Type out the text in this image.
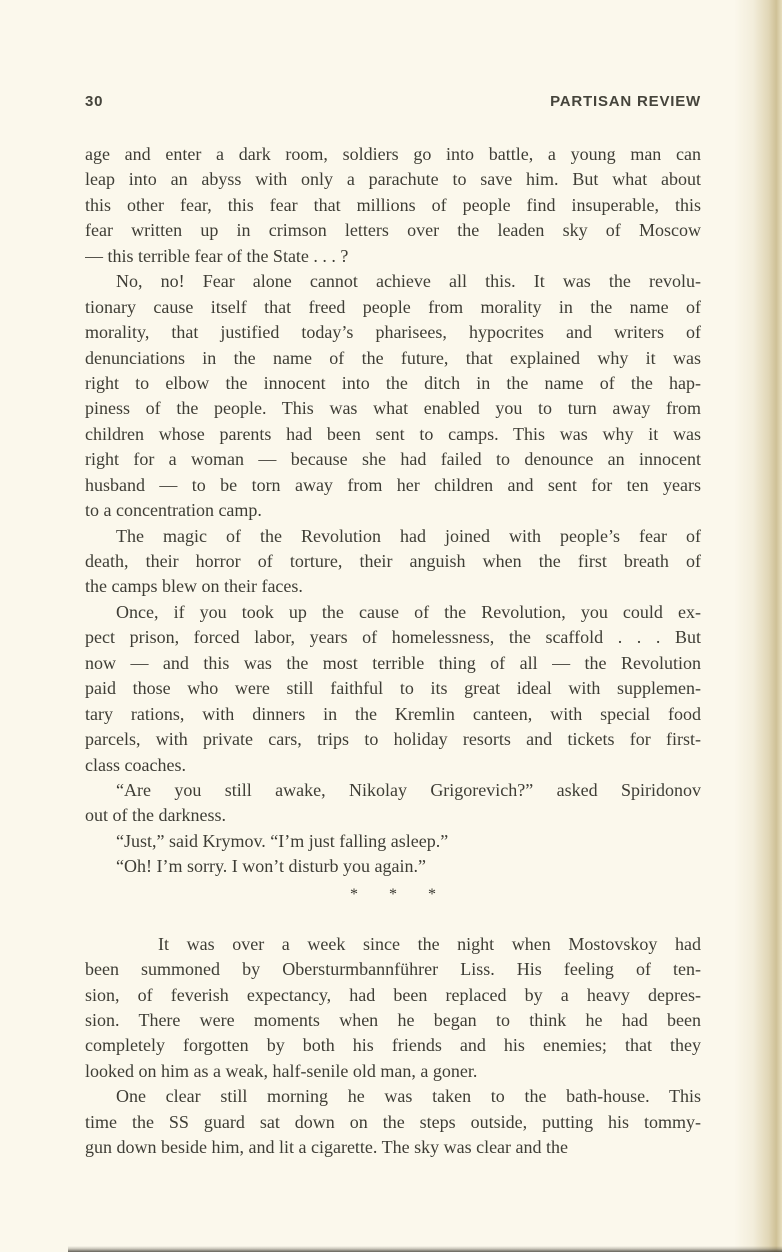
30	PARTISAN REVIEW
age and enter a dark room, soldiers go into battle, a young man can
leap into an abyss with only a parachute to save him. But what about
this other fear, this fear that millions of people find insuperable, this
fear written up in crimson letters over the leaden sky of Moscow
— this terrible fear of the State . . . ?
No, no! Fear alone cannot achieve all this. It was the revolu-
tionary cause itself that freed people from morality in the name of
morality, that justified today’s pharisees, hypocrites and writers of
denunciations in the name of the future, that explained why it was
right to elbow the innocent into the ditch in the name of the hap-
piness of the people. This was what enabled you to turn away from
children whose parents had been sent to camps. This was why it was
right for a woman — because she had failed to denounce an innocent
husband — to be torn away from her children and sent for ten years
to a concentration camp.
The magic of the Revolution had joined with people’s fear of
death, their horror of torture, their anguish when the first breath of
the camps blew on their faces.
Once, if you took up the cause of the Revolution, you could ex-
pect prison, forced labor, years of homelessness, the scaffold . . . But
now — and this was the most terrible thing of all — the Revolution
paid those who were still faithful to its great ideal with supplemen-
tary rations, with dinners in the Kremlin canteen, with special food
parcels, with private cars, trips to holiday resorts and tickets for first-
class coaches.
“Are you still awake, Nikolay Grigorevich?” asked Spiridonov
out of the darkness.
“Just,” said Krymov. “I’m just falling asleep.”
“Oh! I’m sorry. I won’t disturb you again.”
* * *
It was over a week since the night when Mostovskoy had
been summoned by Obersturmbannführer Liss. His feeling of ten-
sion, of feverish expectancy, had been replaced by a heavy depres-
sion. There were moments when he began to think he had been
completely forgotten by both his friends and his enemies; that they
looked on him as a weak, half-senile old man, a goner.
One clear still morning he was taken to the bath-house. This
time the SS guard sat down on the steps outside, putting his tommy-
gun down beside him, and lit a cigarette. The sky was clear and the
